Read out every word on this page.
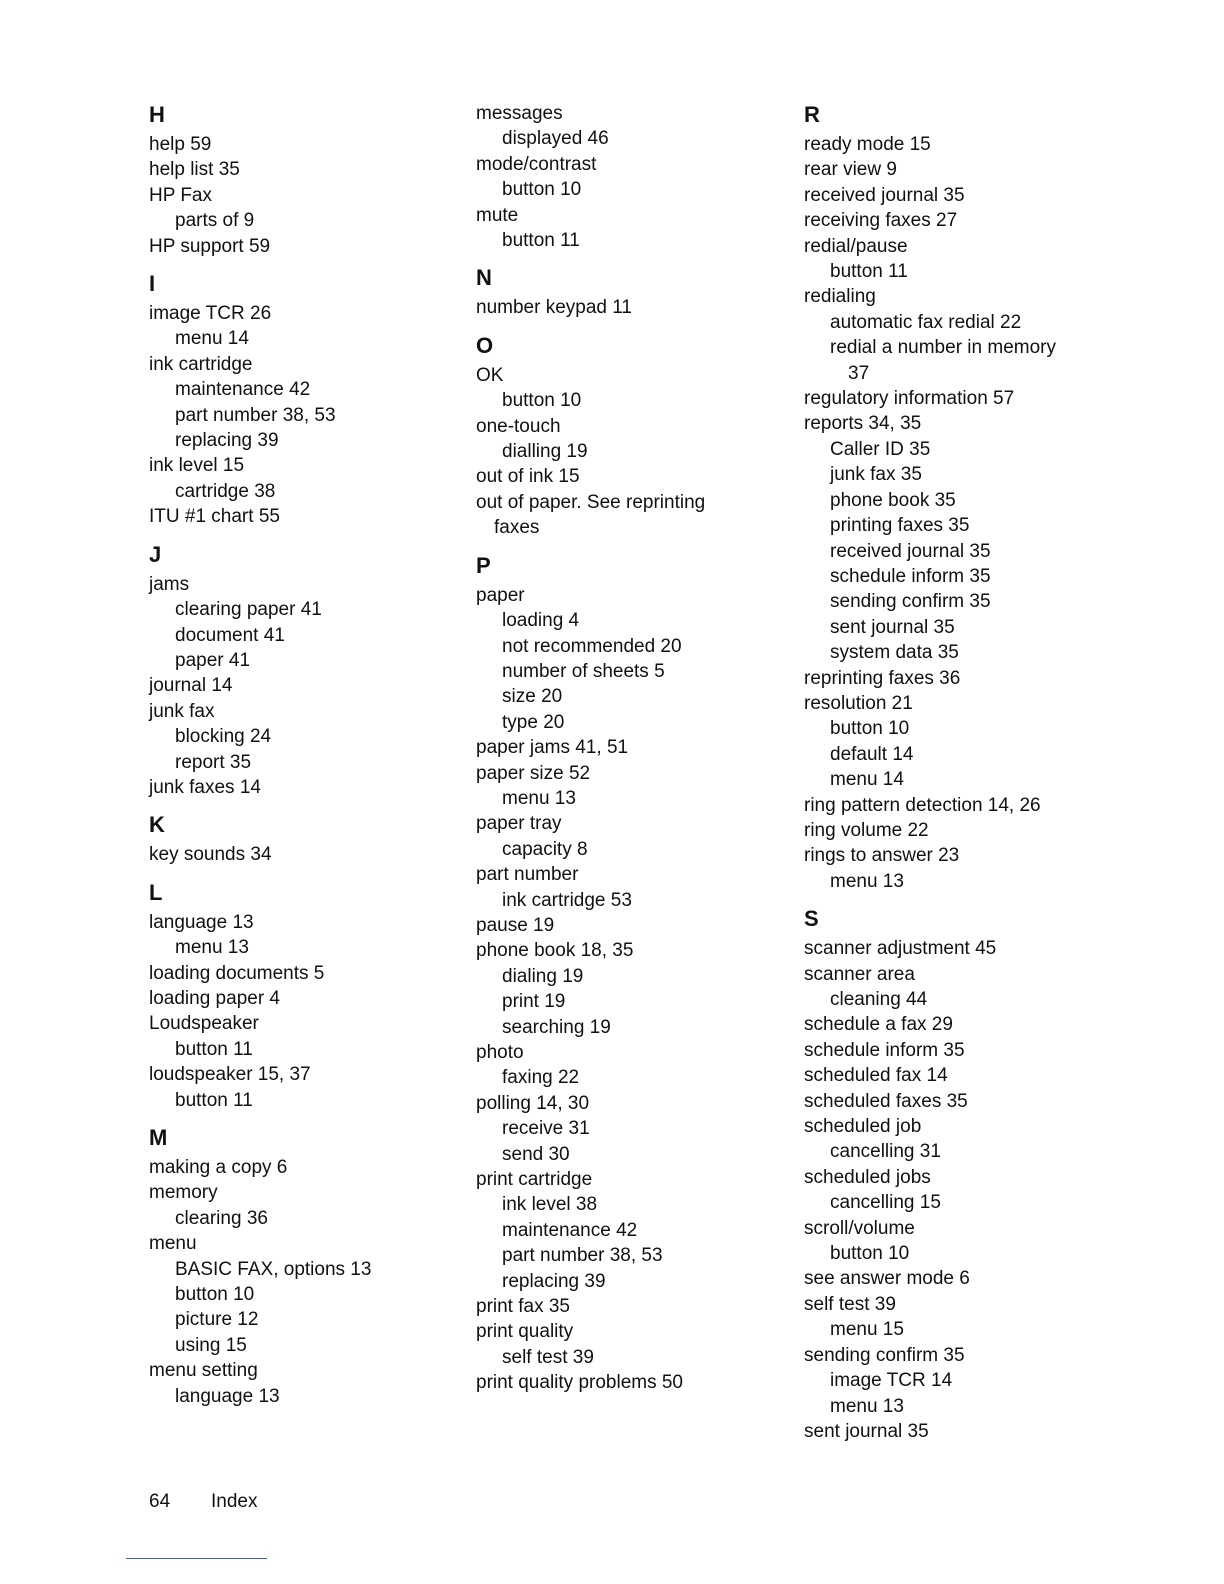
H
help 59
help list 35
HP Fax
parts of 9
HP support 59
I
image TCR 26
menu 14
ink cartridge
maintenance 42
part number 38, 53
replacing 39
ink level 15
cartridge 38
ITU #1 chart 55
J
jams
clearing paper 41
document 41
paper 41
journal 14
junk fax
blocking 24
report 35
junk faxes 14
K
key sounds 34
L
language 13
menu 13
loading documents 5
loading paper 4
Loudspeaker
button 11
loudspeaker 15, 37
button 11
M
making a copy 6
memory
clearing 36
menu
BASIC FAX, options 13
button 10
picture 12
using 15
menu setting
language 13
messages
displayed 46
mode/contrast
button 10
mute
button 11
N
number keypad 11
O
OK
button 10
one-touch
dialling 19
out of ink 15
out of paper. See reprinting
faxes
P
paper
loading 4
not recommended 20
number of sheets 5
size 20
type 20
paper jams 41, 51
paper size 52
menu 13
paper tray
capacity 8
part number
ink cartridge 53
pause 19
phone book 18, 35
dialing 19
print 19
searching 19
photo
faxing 22
polling 14, 30
receive 31
send 30
print cartridge
ink level 38
maintenance 42
part number 38, 53
replacing 39
print fax 35
print quality
self test 39
print quality problems 50
R
ready mode 15
rear view 9
received journal 35
receiving faxes 27
redial/pause
button 11
redialing
automatic fax redial 22
redial a number in memory
37
regulatory information 57
reports 34, 35
Caller ID 35
junk fax 35
phone book 35
printing faxes 35
received journal 35
schedule inform 35
sending confirm 35
sent journal 35
system data 35
reprinting faxes 36
resolution 21
button 10
default 14
menu 14
ring pattern detection 14, 26
ring volume 22
rings to answer 23
menu 13
S
scanner adjustment 45
scanner area
cleaning 44
schedule a fax 29
schedule inform 35
scheduled fax 14
scheduled faxes 35
scheduled job
cancelling 31
scheduled jobs
cancelling 15
scroll/volume
button 10
see answer mode 6
self test 39
menu 15
sending confirm 35
image TCR 14
menu 13
sent journal 35
64 Index
